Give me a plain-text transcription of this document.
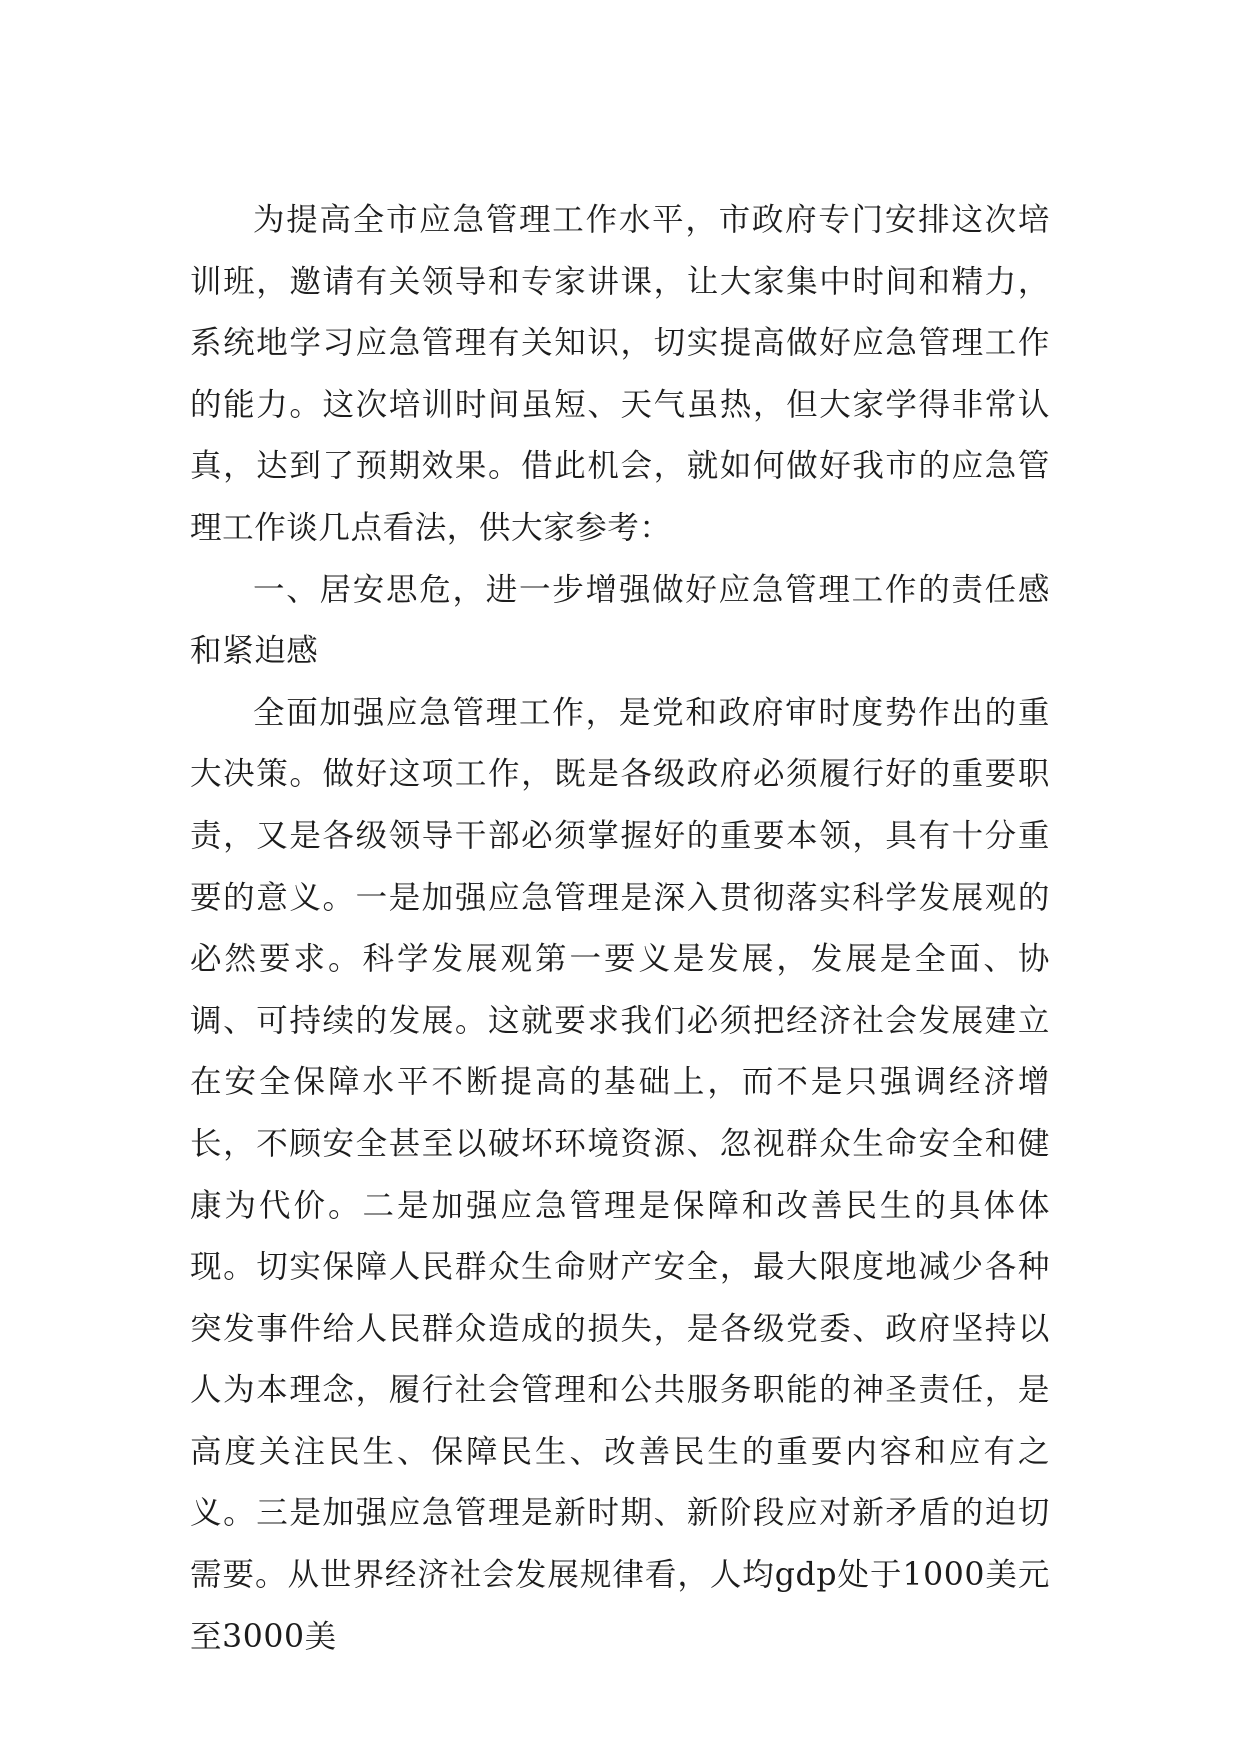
为提高全市应急管理工作水平，市政府专门安排这次培训班，邀请有关领导和专家讲课，让大家集中时间和精力，系统地学习应急管理有关知识，切实提高做好应急管理工作的能力。这次培训时间虽短、天气虽热，但大家学得非常认真，达到了预期效果。借此机会，就如何做好我市的应急管理工作谈几点看法，供大家参考：

一、居安思危，进一步增强做好应急管理工作的责任感和紧迫感

全面加强应急管理工作，是党和政府审时度势作出的重大决策。做好这项工作，既是各级政府必须履行好的重要职责，又是各级领导干部必须掌握好的重要本领，具有十分重要的意义。一是加强应急管理是深入贯彻落实科学发展观的必然要求。科学发展观第一要义是发展，发展是全面、协调、可持续的发展。这就要求我们必须把经济社会发展建立在安全保障水平不断提高的基础上，而不是只强调经济增长，不顾安全甚至以破坏环境资源、忽视群众生命安全和健康为代价。二是加强应急管理是保障和改善民生的具体体现。切实保障人民群众生命财产安全，最大限度地减少各种突发事件给人民群众造成的损失，是各级党委、政府坚持以人为本理念，履行社会管理和公共服务职能的神圣责任，是高度关注民生、保障民生、改善民生的重要内容和应有之义。三是加强应急管理是新时期、新阶段应对新矛盾的迫切需要。从世界经济社会发展规律看，人均gdp处于1000美元至3000美
